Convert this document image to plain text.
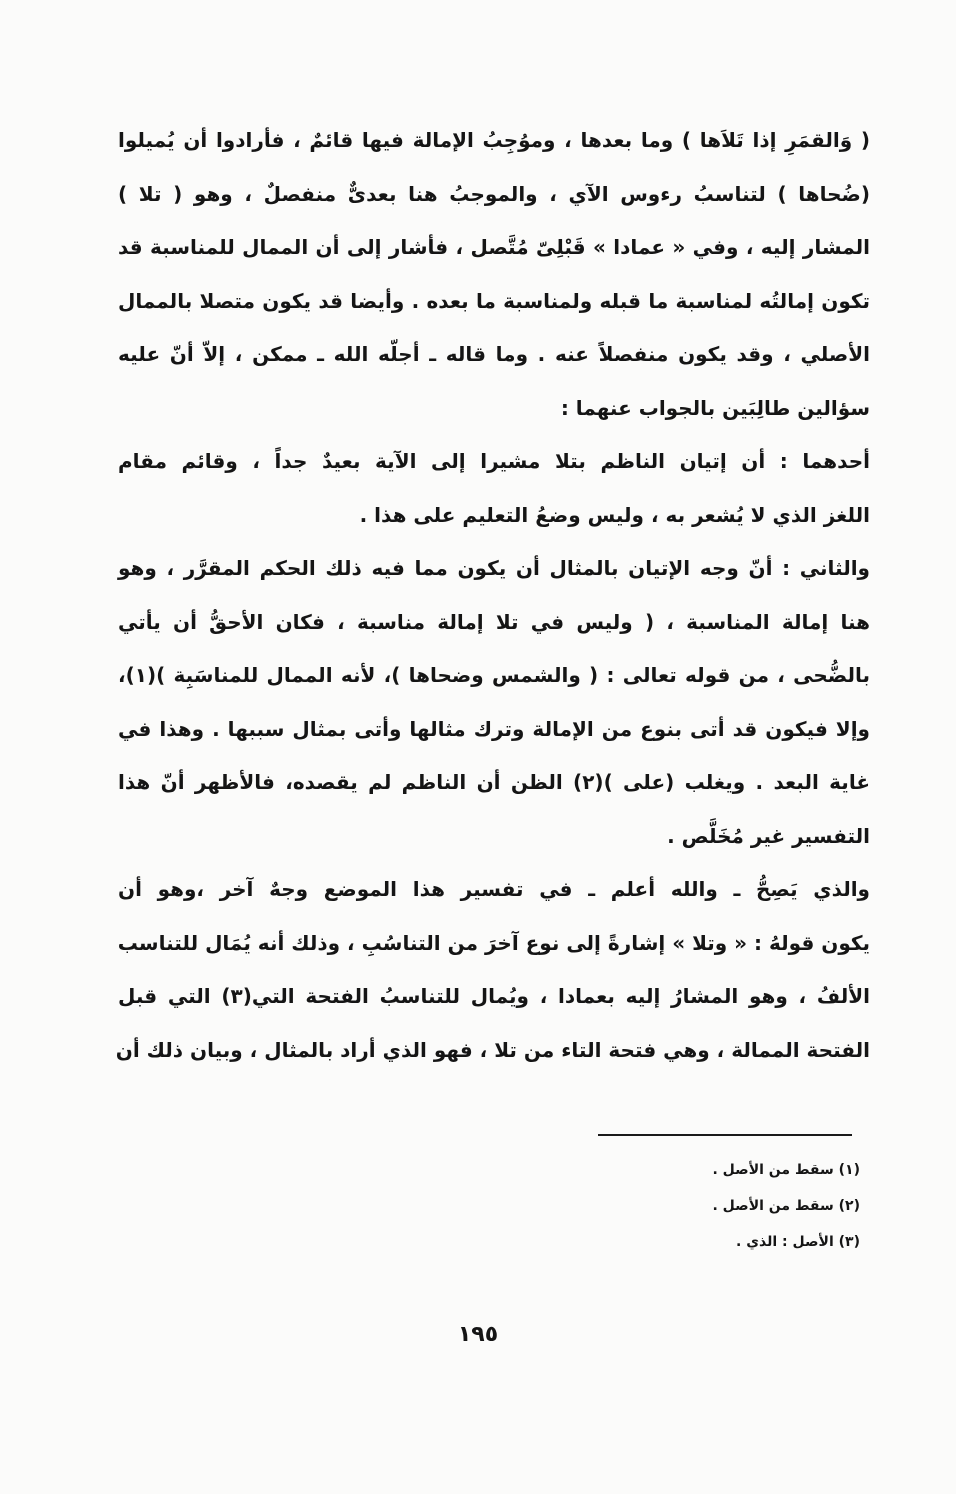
( وَالقمَرِ إذا تَلاَها ) وما بعدها ، وموُجِبُ الإمالة فيها قائمٌ ، فأرادوا أن يُميلوا
(ضُحاها ) لتناسبُ رءوس الآي ، والموجبُ هنا بعدىٌّ منفصلٌ ، وهو ( تلا )
المشار إليه ، وفي « عمادا » قَبْلِىّ مُتَّصل ، فأشار إلى أن الممال للمناسبة قد
تكون إمالتُه لمناسبة ما قبله ولمناسبة ما بعده . وأيضا قد يكون متصلا بالممال
الأصلي ، وقد يكون منفصلاً عنه . وما قاله ـ أجلّه الله ـ ممكن ، إلاّ أنّ عليه
سؤالين طالِبَين بالجواب عنهما :
أحدهما : أن إتيان الناظم بتلا مشيرا إلى الآية بعيدٌ جداً ، وقائم مقام
اللغز الذي لا يُشعر به ، وليس وضعُ التعليم على هذا .
والثاني : أنّ وجه الإتيان بالمثال أن يكون مما فيه ذلك الحكم المقرَّر ، وهو
هنا إمالة المناسبة ، ( وليس في تلا إمالة مناسبة ، فكان الأحقُّ أن يأتي
بالضُّحى ، من قوله تعالى : ( والشمس وضحاها )، لأنه الممال للمناسَبِة )(١)،
وإلا فيكون قد أتى بنوع من الإمالة وترك مثالها وأتى بمثال سببها . وهذا في
غاية البعد . ويغلب (على )(٢) الظن أن الناظم لم يقصده، فالأظهر أنّ هذا
التفسير غير مُخَلَّص .
والذي يَصِحُّ ـ والله أعلم ـ في تفسير هذا الموضع وجهٌ آخر ،وهو أن
يكون قولهُ : « وتلا » إشارةً إلى نوع آخرَ من التناسُبِ ، وذلك أنه يُمَال للتناسب
الألفُ ، وهو المشارُ إليه بعمادا ، ويُمال للتناسبُ الفتحة التي(٣) التي قبل
الفتحة الممالة ، وهي فتحة التاء من تلا ، فهو الذي أراد بالمثال ، وبيان ذلك أن
(١) سقط من الأصل .
(٢) سقط من الأصل .
(٣) الأصل : الذي .
١٩٥
